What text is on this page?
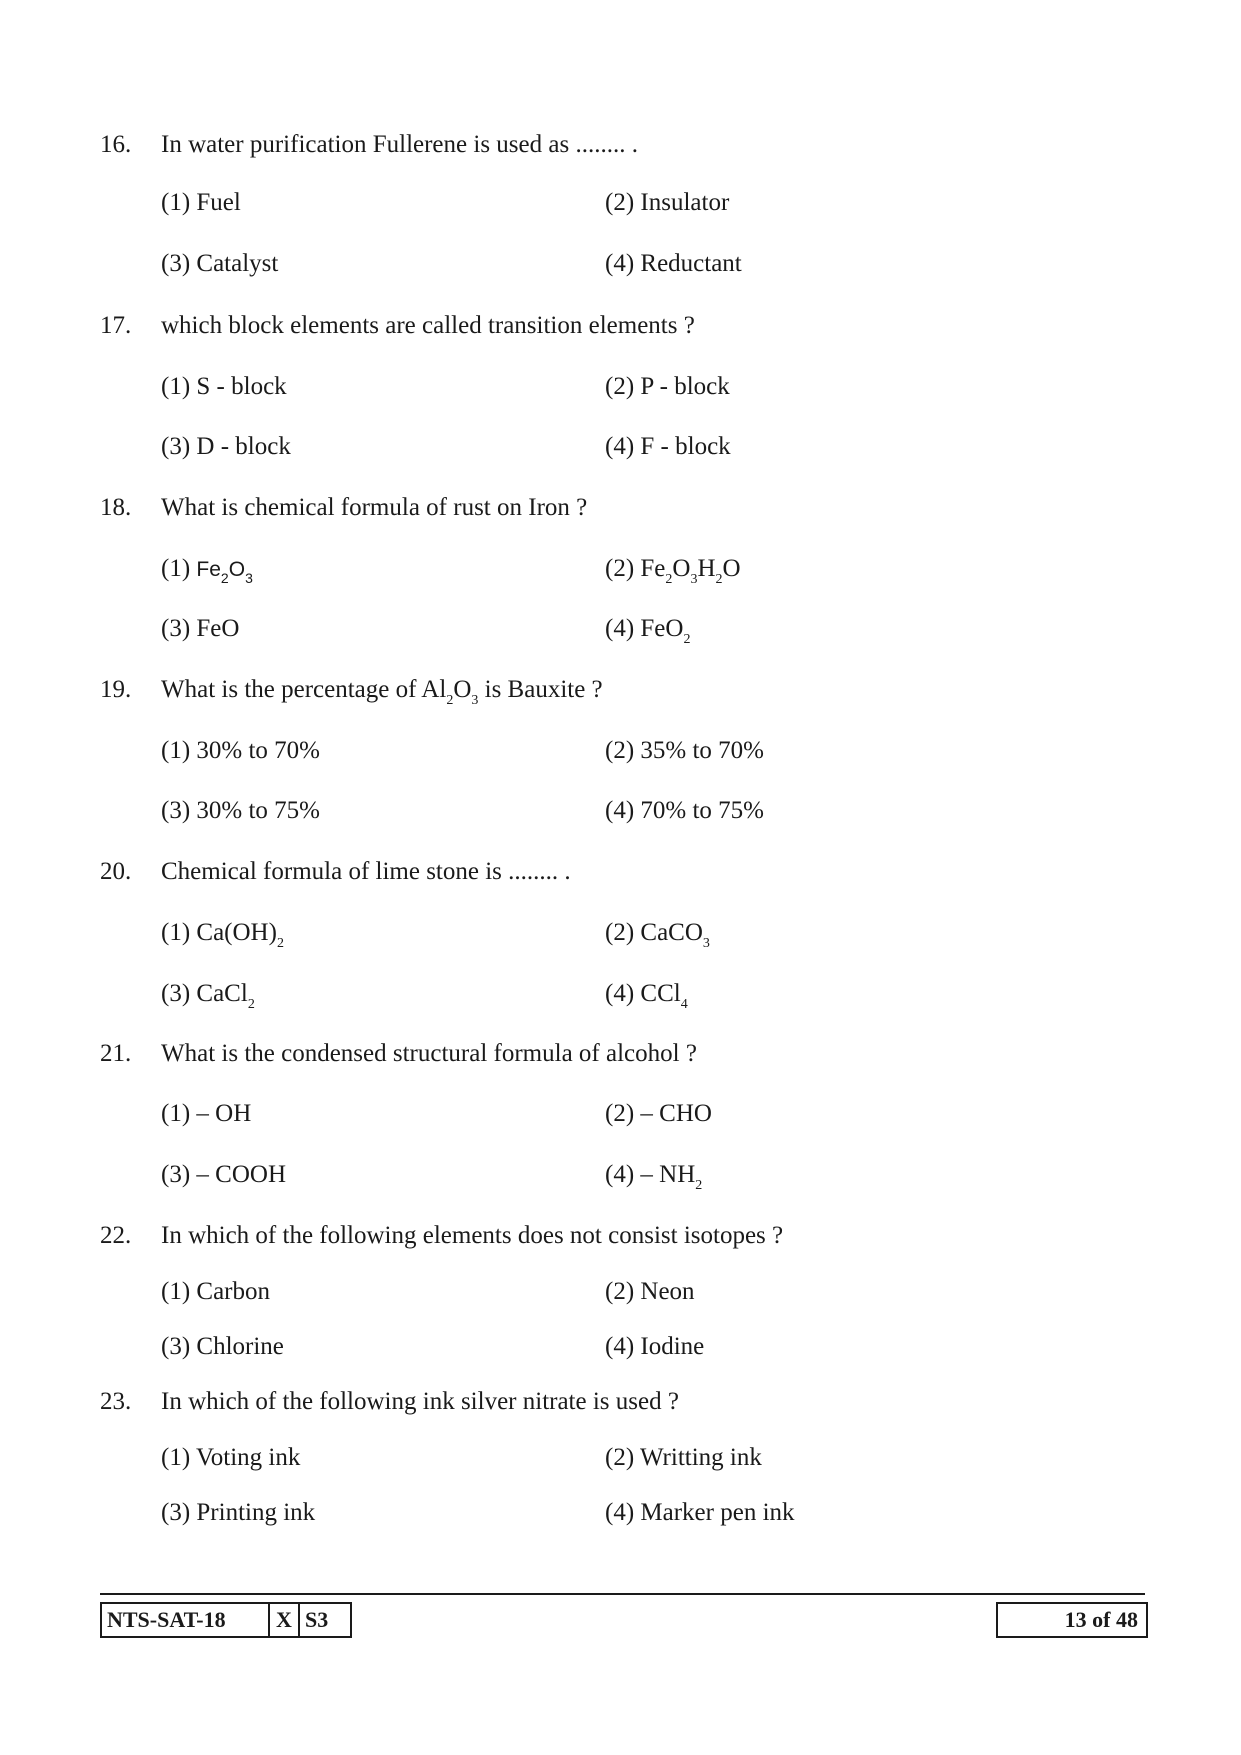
16. In water purification Fullerene is used as ........ .
(1) Fuel	(2) Insulator
(3) Catalyst	(4) Reductant
17. which block elements are called transition elements ?
(1) S - block	(2) P - block
(3) D - block	(4) F - block
18. What is chemical formula of rust on Iron ?
(1) $Fe_2O_3$	(2) $Fe_2O_3H_2O$
(3) FeO	(4) FeO$_2$
19. What is the percentage of $Al_2O_3$ is Bauxite ?
(1) 30% to 70%	(2) 35% to 70%
(3) 30% to 75%	(4) 70% to 75%
20. Chemical formula of lime stone is ........ .
(1) $Ca(OH)_2$	(2) CaCO$_3$
(3) CaCl$_2$	(4) CCl$_4$
21. What is the condensed structural formula of alcohol ?
(1) – OH	(2) – CHO
(3) – COOH	$(4) - NH_2$
22. In which of the following elements does not consist isotopes ?
(1) Carbon	(2) Neon
(3) Chlorine	(4) Iodine
23. In which of the following ink silver nitrate is used ?
(1) Voting ink	(2) Writting ink
(3) Printing ink	(4) Marker pen ink
NTS-SAT-18	X S3	13 of 48
